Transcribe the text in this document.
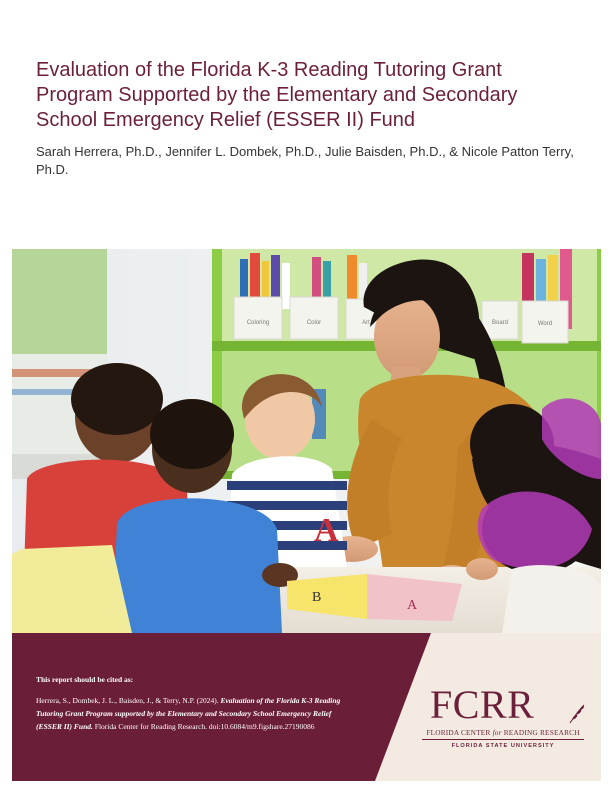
Evaluation of the Florida K-3 Reading Tutoring Grant Program Supported by the Elementary and Secondary School Emergency Relief (ESSER II) Fund

Sarah Herrera, Ph.D., Jennifer L. Dombek, Ph.D., Julie Baisden, Ph.D., & Nicole Patton Terry, Ph.D.

Coloring	Color	Art	Board	Word
A
B
A

This report should be cited as:

Herrera, S., Dombek, J. L., Baisden, J., & Terry, N.P. (2024). Evaluation of the Florida K-3 Reading Tutoring Grant Program supported by the Elementary and Secondary School Emergency Relief (ESSER II) Fund. Florida Center for Reading Research. doi:10.6084/m9.figshare.27190086	FCRR
FLORIDA CENTER for READING RESEARCH
FLORIDA STATE UNIVERSITY
